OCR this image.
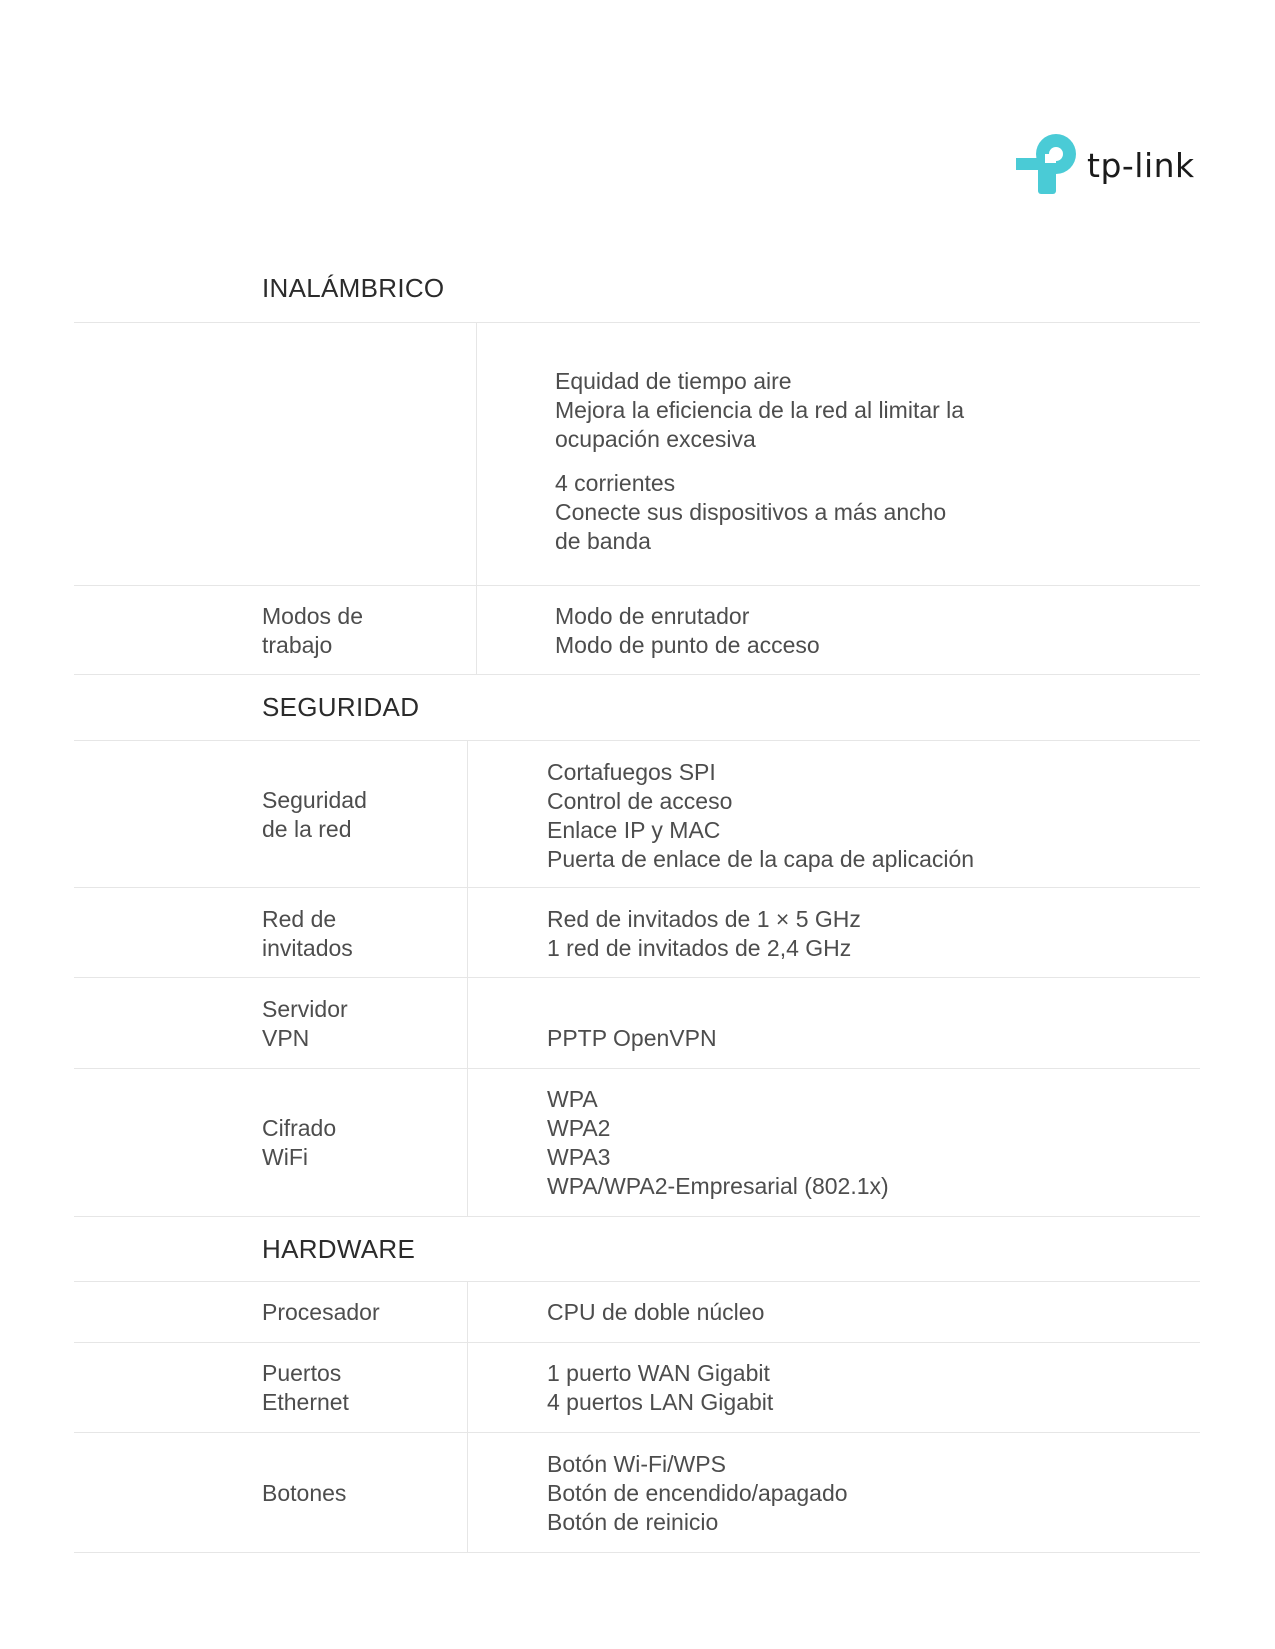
tp-link
INALÁMBRICO
Equidad de tiempo aire
Mejora la eficiencia de la red al limitar la
ocupación excesiva
4 corrientes
Conecte sus dispositivos a más ancho
de banda
Modos de
trabajo
Modo de enrutador
Modo de punto de acceso
SEGURIDAD
Seguridad
de la red
Cortafuegos SPI
Control de acceso
Enlace IP y MAC
Puerta de enlace de la capa de aplicación
Red de
invitados
Red de invitados de 1 × 5 GHz
1 red de invitados de 2,4 GHz
Servidor
VPN	PPTP OpenVPN
Cifrado
WiFi
WPA
WPA2
WPA3
WPA/WPA2-Empresarial (802.1x)
HARDWARE
Procesador	CPU de doble núcleo
Puertos
Ethernet
1 puerto WAN Gigabit
4 puertos LAN Gigabit
Botones
Botón Wi-Fi/WPS
Botón de encendido/apagado
Botón de reinicio
